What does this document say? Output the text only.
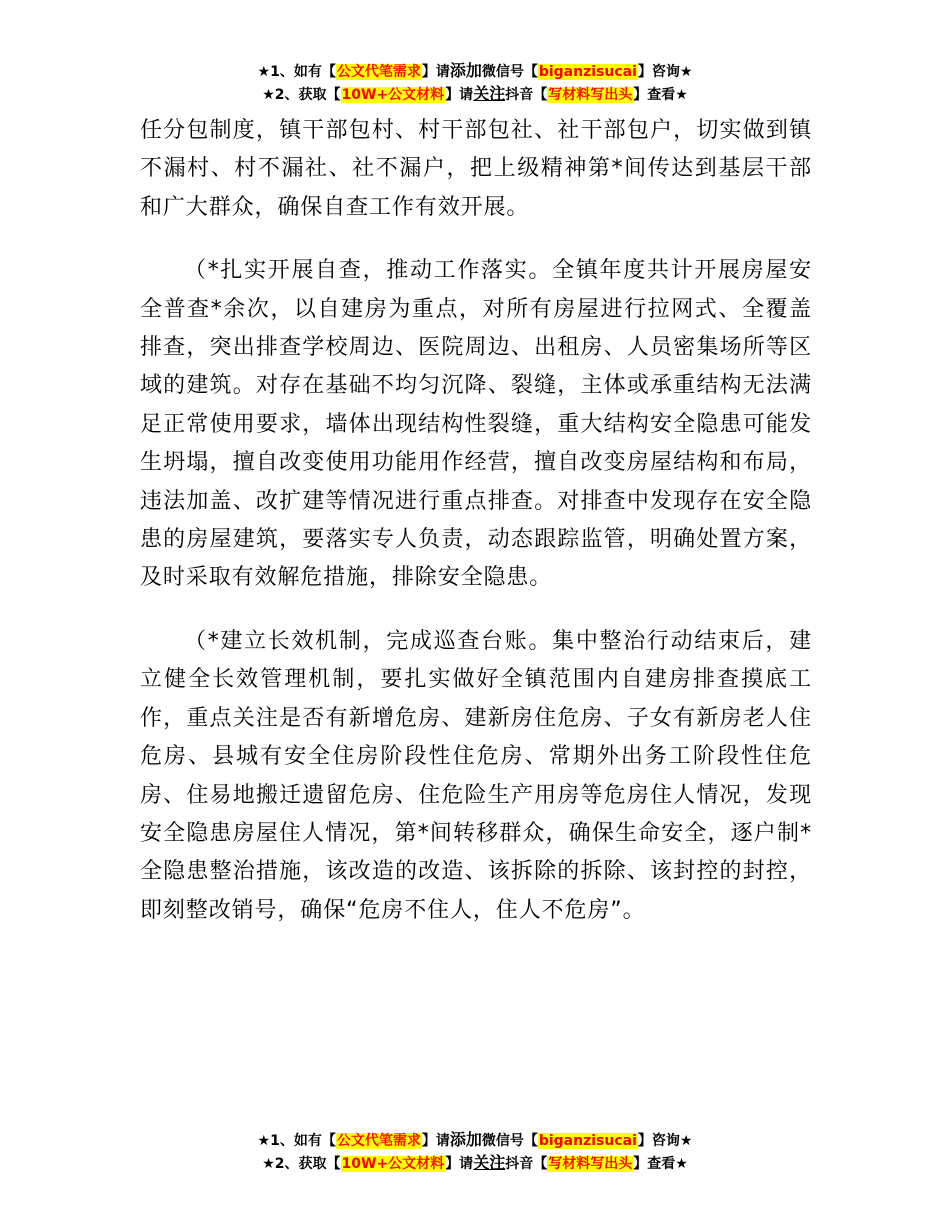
★1、如有【公文代笔需求】请添加微信号【biganzisucai】咨询★
★2、获取【10W+公文材料】请关注抖音【写材料写出头】查看★

任分包制度，镇干部包村、村干部包社、社干部包户，切实做到镇不漏村、村不漏社、社不漏户，把上级精神第*间传达到基层干部和广大群众，确保自查工作有效开展。

（*扎实开展自查，推动工作落实。全镇年度共计开展房屋安全普查*余次，以自建房为重点，对所有房屋进行拉网式、全覆盖排查，突出排查学校周边、医院周边、出租房、人员密集场所等区域的建筑。对存在基础不均匀沉降、裂缝，主体或承重结构无法满足正常使用要求，墙体出现结构性裂缝，重大结构安全隐患可能发生坍塌，擅自改变使用功能用作经营，擅自改变房屋结构和布局，违法加盖、改扩建等情况进行重点排查。对排查中发现存在安全隐患的房屋建筑，要落实专人负责，动态跟踪监管，明确处置方案，及时采取有效解危措施，排除安全隐患。

（*建立长效机制，完成巡查台账。集中整治行动结束后，建立健全长效管理机制，要扎实做好全镇范围内自建房排查摸底工作，重点关注是否有新增危房、建新房住危房、子女有新房老人住危房、县城有安全住房阶段性住危房、常期外出务工阶段性住危房、住易地搬迁遗留危房、住危险生产用房等危房住人情况，发现安全隐患房屋住人情况，第*间转移群众，确保生命安全，逐户制*全隐患整治措施，该改造的改造、该拆除的拆除、该封控的封控，即刻整改销号，确保“危房不住人，住人不危房”。

★1、如有【公文代笔需求】请添加微信号【biganzisucai】咨询★
★2、获取【10W+公文材料】请关注抖音【写材料写出头】查看★
